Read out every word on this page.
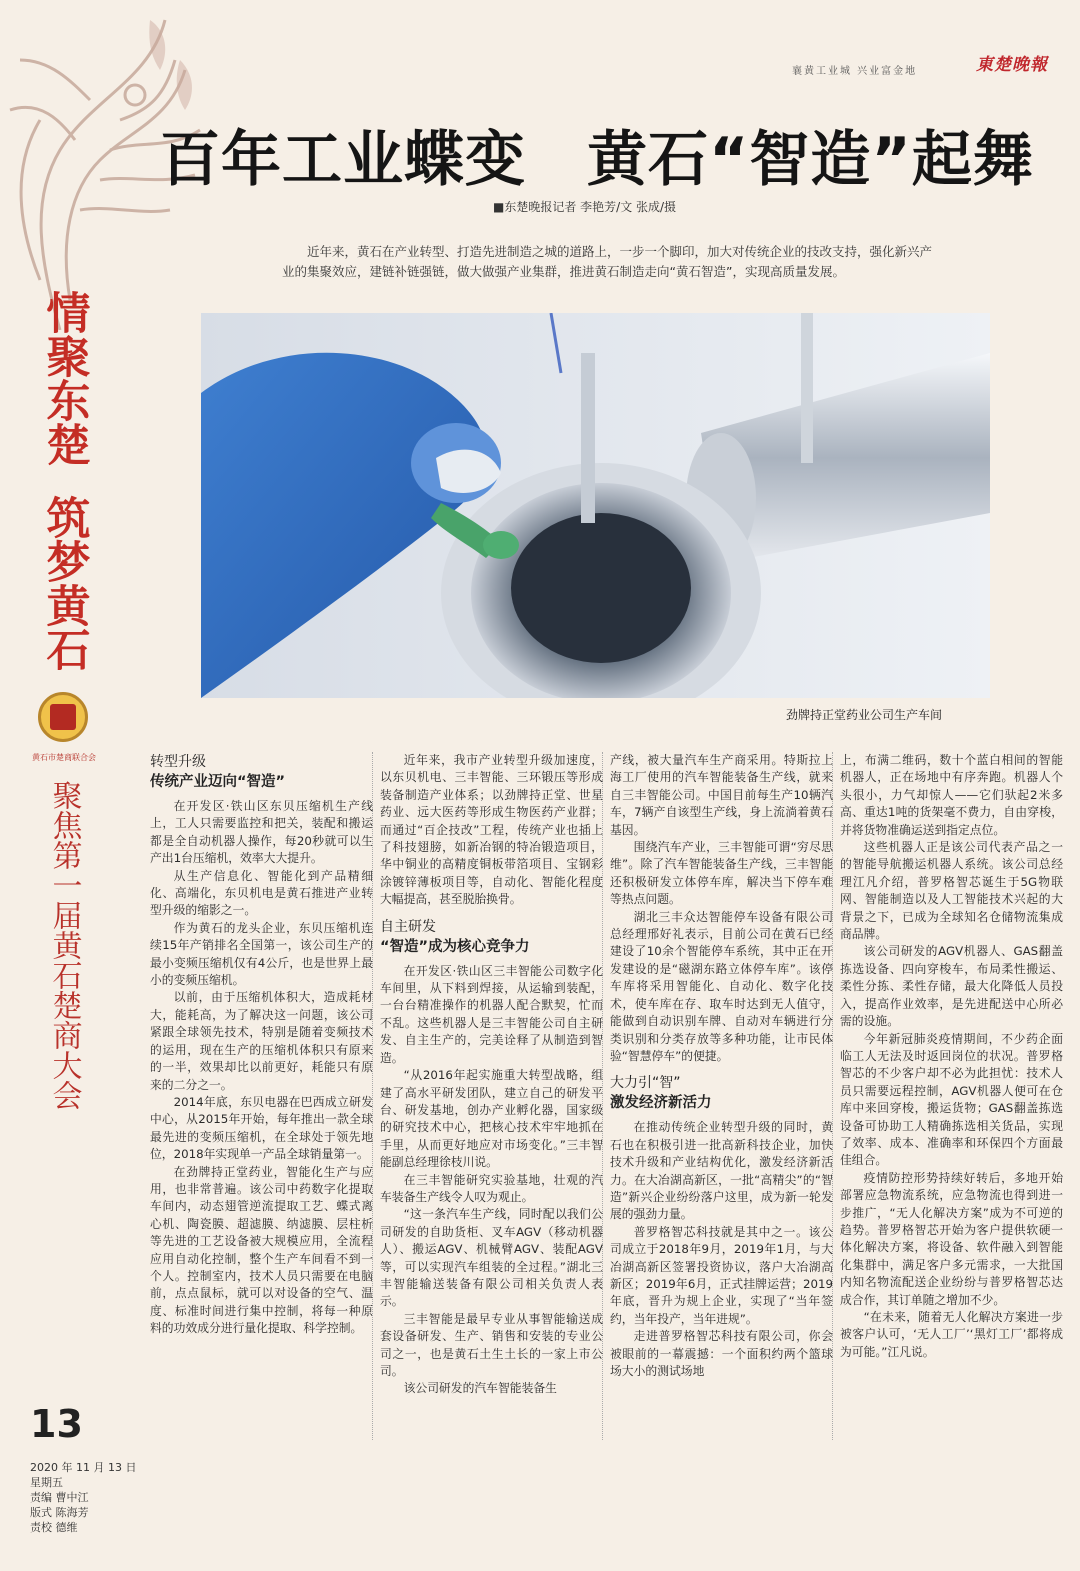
襄黄工业城 兴业富金地	東楚晚報
百年工业蝶变　黄石“智造”起舞
■东楚晚报记者 李艳芳/文 张成/摄
近年来，黄石在产业转型、打造先进制造之城的道路上，一步一个脚印，加大对传统企业的技改支持，强化新兴产业的集聚效应，建链补链强链，做大做强产业集群，推进黄石制造走向“黄石智造”，实现高质量发展。
情聚东楚
筑梦黄石
黄石市楚商联合会
聚焦第一届黄石楚商大会
劲牌持正堂药业公司生产车间

转型升级

传统产业迈向“智造”

在开发区·铁山区东贝压缩机生产线上，工人只需要监控和把关，装配和搬运都是全自动机器人操作，每20秒就可以生产出1台压缩机，效率大大提升。

从生产信息化、智能化到产品精细化、高端化，东贝机电是黄石推进产业转型升级的缩影之一。

作为黄石的龙头企业，东贝压缩机连续15年产销排名全国第一，该公司生产的最小变频压缩机仅有4公斤，也是世界上最小的变频压缩机。

以前，由于压缩机体积大，造成耗材大，能耗高，为了解决这一问题，该公司紧跟全球领先技术，特别是随着变频技术的运用，现在生产的压缩机体积只有原来的一半，效果却比以前更好，耗能只有原来的二分之一。

2014年底，东贝电器在巴西成立研发中心，从2015年开始，每年推出一款全球最先进的变频压缩机，在全球处于领先地位，2018年实现单一产品全球销量第一。

在劲牌持正堂药业，智能化生产与应用，也非常普遍。该公司中药数字化提取车间内，动态翅管逆流提取工艺、蝶式离心机、陶瓷膜、超滤膜、纳滤膜、层柱析等先进的工艺设备被大规模应用，全流程应用自动化控制，整个生产车间看不到一个人。控制室内，技术人员只需要在电脑前，点点鼠标，就可以对设备的空气、温度、标准时间进行集中控制，将每一种原料的功效成分进行量化提取、科学控制。

近年来，我市产业转型升级加速度，以东贝机电、三丰智能、三环锻压等形成装备制造产业体系；以劲牌持正堂、世星药业、远大医药等形成生物医药产业群；而通过“百企技改”工程，传统产业也插上了科技翅膀，如新冶钢的特冶锻造项目，华中铜业的高精度铜板带箔项目、宝钢彩涂镀锌薄板项目等，自动化、智能化程度大幅提高，甚至脱胎换骨。

自主研发

“智造”成为核心竞争力

在开发区·铁山区三丰智能公司数字化车间里，从下料到焊接，从运输到装配，一台台精准操作的机器人配合默契，忙而不乱。这些机器人是三丰智能公司自主研发、自主生产的，完美诠释了从制造到智造。

“从2016年起实施重大转型战略，组建了高水平研发团队，建立自己的研发平台、研发基地，创办产业孵化器，国家级的研究技术中心，把核心技术牢牢地抓在手里，从而更好地应对市场变化。”三丰智能副总经理徐枝川说。

在三丰智能研究实验基地，壮观的汽车装备生产线令人叹为观止。

“这一条汽车生产线，同时配以我们公司研发的自助货柜、叉车AGV（移动机器人）、搬运AGV、机械臂AGV、装配AGV等，可以实现汽车组装的全过程。”湖北三丰智能输送装备有限公司相关负责人表示。

三丰智能是最早专业从事智能输送成套设备研发、生产、销售和安装的专业公司之一，也是黄石土生土长的一家上市公司。

该公司研发的汽车智能装备生

产线，被大量汽车生产商采用。特斯拉上海工厂使用的汽车智能装备生产线，就来自三丰智能公司。中国目前每生产10辆汽车，7辆产自该型生产线，身上流淌着黄石基因。

围绕汽车产业，三丰智能可谓“穷尽思维”。除了汽车智能装备生产线，三丰智能还积极研发立体停车库，解决当下停车难等热点问题。

湖北三丰众达智能停车设备有限公司总经理邢好礼表示，目前公司在黄石已经建设了10余个智能停车系统，其中正在开发建设的是“磁湖东路立体停车库”。该停车库将采用智能化、自动化、数字化技术，使车库在存、取车时达到无人值守，能做到自动识别车牌、自动对车辆进行分类识别和分类存放等多种功能，让市民体验“智慧停车”的便捷。

大力引“智”

激发经济新活力

在推动传统企业转型升级的同时，黄石也在积极引进一批高新科技企业，加快技术升级和产业结构优化，激发经济新活力。在大冶湖高新区，一批“高精尖”的“智造”新兴企业纷纷落户这里，成为新一轮发展的强劲力量。

普罗格智芯科技就是其中之一。该公司成立于2018年9月，2019年1月，与大冶湖高新区签署投资协议，落户大冶湖高新区；2019年6月，正式挂牌运营；2019年底，晋升为规上企业，实现了“当年签约，当年投产，当年进规”。

走进普罗格智芯科技有限公司，你会被眼前的一幕震撼：一个面积约两个篮球场大小的测试场地

上，布满二维码，数十个蓝白相间的智能机器人，正在场地中有序奔跑。机器人个头很小，力气却惊人——它们驮起2米多高、重达1吨的货架毫不费力，自由穿梭，并将货物准确运送到指定点位。

这些机器人正是该公司代表产品之一的智能导航搬运机器人系统。该公司总经理江凡介绍，普罗格智芯诞生于5G物联网、智能制造以及人工智能技术兴起的大背景之下，已成为全球知名仓储物流集成商品牌。

该公司研发的AGV机器人、GAS翻盖拣选设备、四向穿梭车，布局柔性搬运、柔性分拣、柔性存储，最大化降低人员投入，提高作业效率，是先进配送中心所必需的设施。

今年新冠肺炎疫情期间，不少药企面临工人无法及时返回岗位的状况。普罗格智芯的不少客户却不必为此担忧：技术人员只需要远程控制，AGV机器人便可在仓库中来回穿梭，搬运货物；GAS翻盖拣选设备可协助工人精确拣选相关货品，实现了效率、成本、准确率和环保四个方面最佳组合。

疫情防控形势持续好转后，多地开始部署应急物流系统，应急物流也得到进一步推广，“无人化解决方案”成为不可逆的趋势。普罗格智芯开始为客户提供软硬一体化解决方案，将设备、软件融入到智能化集群中，满足客户多元需求，一大批国内知名物流配送企业纷纷与普罗格智芯达成合作，其订单随之增加不少。

“在未来，随着无人化解决方案进一步被客户认可，‘无人工厂’‘黑灯工厂’都将成为可能。”江凡说。

13
2020 年 11 月 13 日
星期五
责编 曹中江
版式 陈海芳
责校 德维
